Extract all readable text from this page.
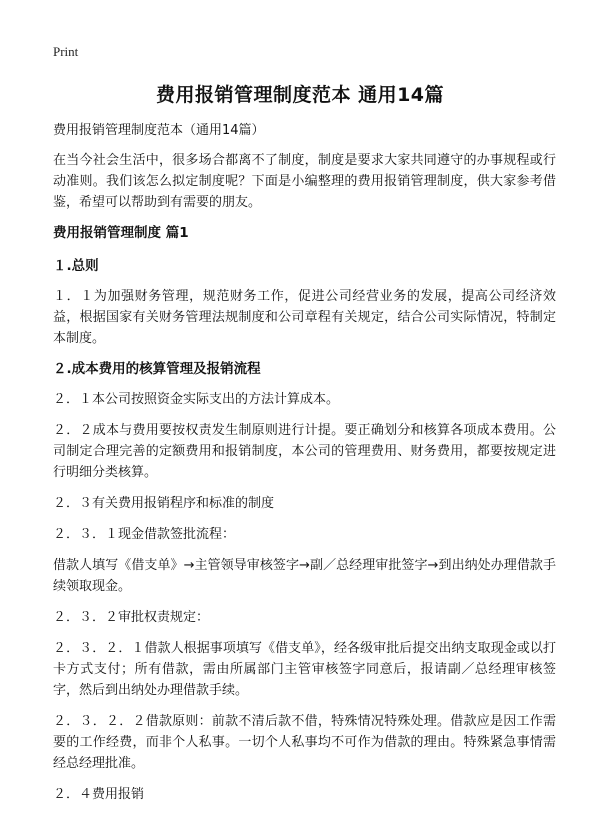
Print
费用报销管理制度范本 通用14篇

费用报销管理制度范本（通用14篇）

在当今社会生活中，很多场合都离不了制度，制度是要求大家共同遵守的办事规程或行动准则。我们该怎么拟定制度呢？下面是小编整理的费用报销管理制度，供大家参考借鉴，希望可以帮助到有需要的朋友。

费用报销管理制度 篇1
１.总则

１．１为加强财务管理，规范财务工作，促进公司经营业务的发展，提高公司经济效益，根据国家有关财务管理法规制度和公司章程有关规定，结合公司实际情况，特制定本制度。

２.成本费用的核算管理及报销流程

２．１本公司按照资金实际支出的方法计算成本。

２．２成本与费用要按权责发生制原则进行计提。要正确划分和核算各项成本费用。公司制定合理完善的定额费用和报销制度，本公司的管理费用、财务费用，都要按规定进行明细分类核算。

２．３有关费用报销程序和标准的制度

２．３．１现金借款签批流程：

借款人填写《借支单》→主管领导审核签字→副／总经理审批签字→到出纳处办理借款手续领取现金。

２．３．２审批权责规定：

２．３．２．１借款人根据事项填写《借支单》，经各级审批后提交出纳支取现金或以打卡方式支付；所有借款，需由所属部门主管审核签字同意后，报请副／总经理审核签字，然后到出纳处办理借款手续。

２．３．２．２借款原则：前款不清后款不借，特殊情况特殊处理。借款应是因工作需要的工作经费，而非个人私事。一切个人私事均不可作为借款的理由。特殊紧急事情需经总经理批准。

２．４费用报销
